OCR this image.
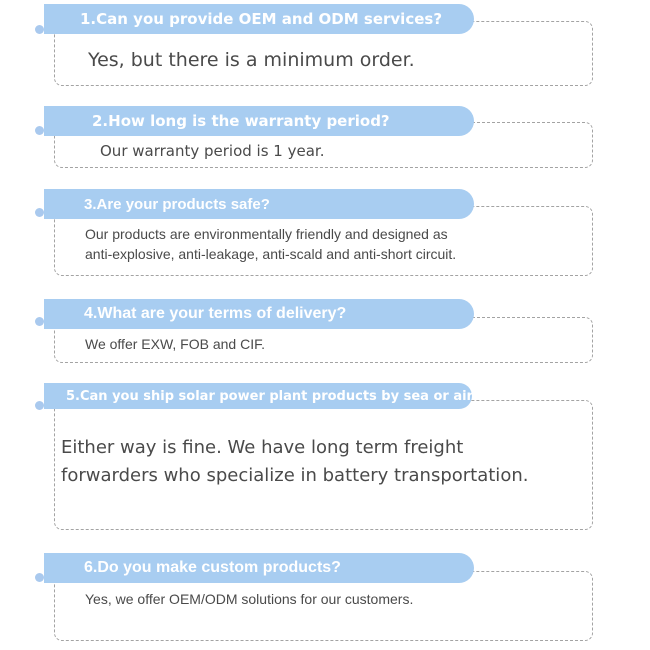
1.Can you provide OEM and ODM services?
Yes, but there is a minimum order.
2.How long is the warranty period?
Our warranty period is 1 year.
3.Are your products safe?
Our products are environmentally friendly and designed as
anti-explosive, anti-leakage, anti-scald and anti-short circuit.
4.What are your terms of delivery?
We offer EXW, FOB and CIF.
5.Can you ship solar power plant products by sea or air?
Either way is fine. We have long term freight
forwarders who specialize in battery transportation.
6.Do you make custom products?
Yes, we offer OEM/ODM solutions for our customers.
